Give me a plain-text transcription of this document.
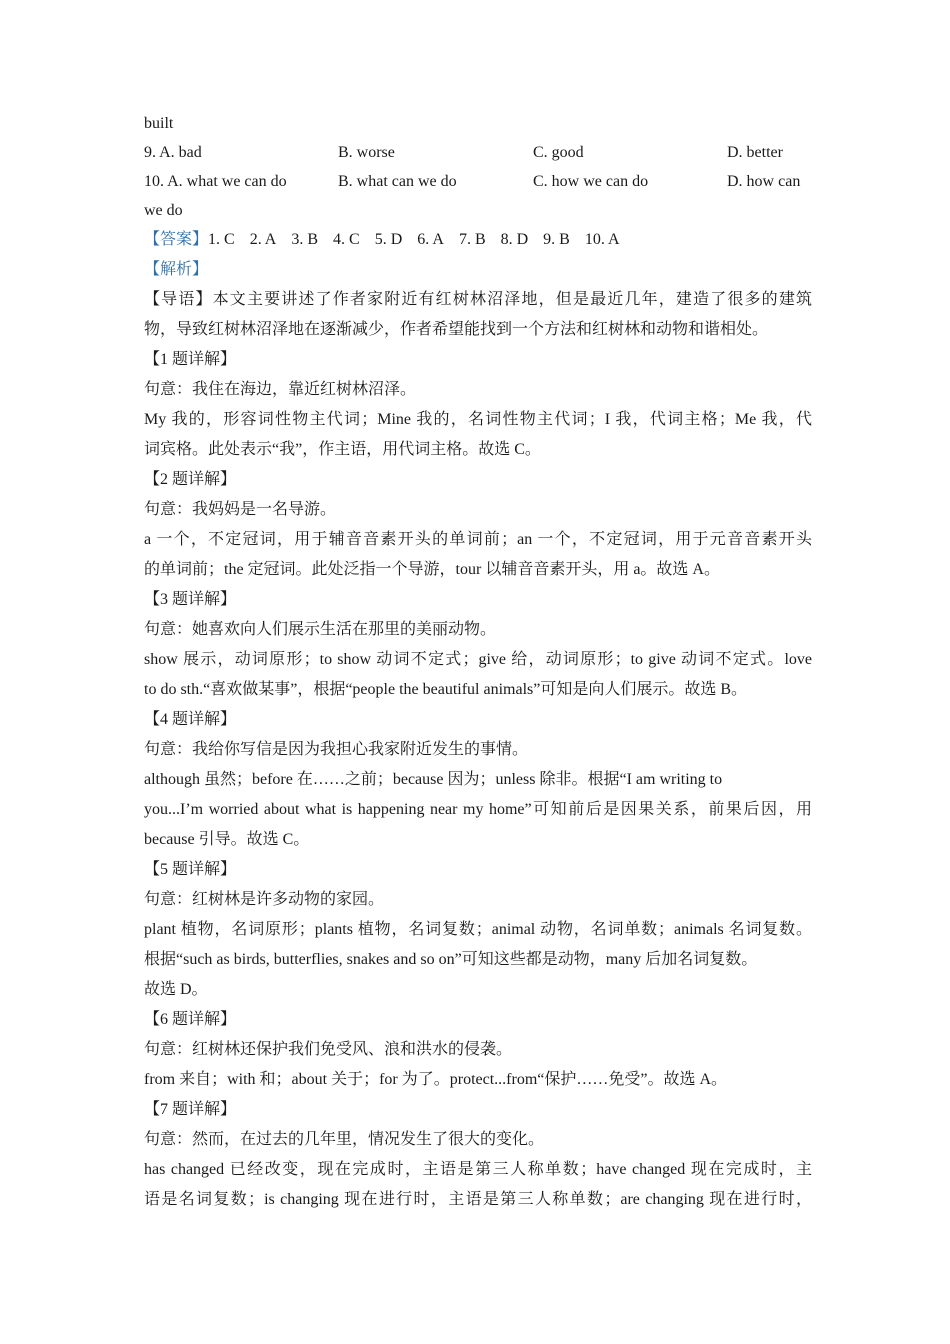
built
9. A. bad	B. worse	C. good	D. better
10. A. what we can do	B. what can we do	C. how we can do	D. how can
we do
【答案】1. C 2. A 3. B 4. C 5. D 6. A 7. B 8. D 9. B 10. A
【解析】
【导语】本文主要讲述了作者家附近有红树林沼泽地，但是最近几年，建造了很多的建筑
物，导致红树林沼泽地在逐渐减少，作者希望能找到一个方法和红树林和动物和谐相处。
【1 题详解】
句意：我住在海边，靠近红树林沼泽。
My 我的，形容词性物主代词；Mine 我的，名词性物主代词；I 我，代词主格；Me 我，代
词宾格。此处表示“我”，作主语，用代词主格。故选 C。
【2 题详解】
句意：我妈妈是一名导游。
a 一个，不定冠词，用于辅音音素开头的单词前；an 一个，不定冠词，用于元音音素开头
的单词前；the 定冠词。此处泛指一个导游，tour 以辅音音素开头，用 a。故选 A。
【3 题详解】
句意：她喜欢向人们展示生活在那里的美丽动物。
show 展示，动词原形；to show 动词不定式；give 给，动词原形；to give 动词不定式。love
to do sth.“喜欢做某事”，根据“people the beautiful animals”可知是向人们展示。故选 B。
【4 题详解】
句意：我给你写信是因为我担心我家附近发生的事情。
although 虽然；before 在……之前；because 因为；unless 除非。根据“I am writing to
you...I’m worried about what is happening near my home”可知前后是因果关系，前果后因，用
because 引导。故选 C。
【5 题详解】
句意：红树林是许多动物的家园。
plant 植物，名词原形；plants 植物，名词复数；animal 动物，名词单数；animals 名词复数。
根据“such as birds, butterflies, snakes and so on”可知这些都是动物，many 后加名词复数。
故选 D。
【6 题详解】
句意：红树林还保护我们免受风、浪和洪水的侵袭。
from 来自；with 和；about 关于；for 为了。protect...from“保护……免受”。故选 A。
【7 题详解】
句意：然而，在过去的几年里，情况发生了很大的变化。
has changed 已经改变，现在完成时，主语是第三人称单数；have changed 现在完成时，主
语是名词复数；is changing 现在进行时，主语是第三人称单数；are changing 现在进行时，
